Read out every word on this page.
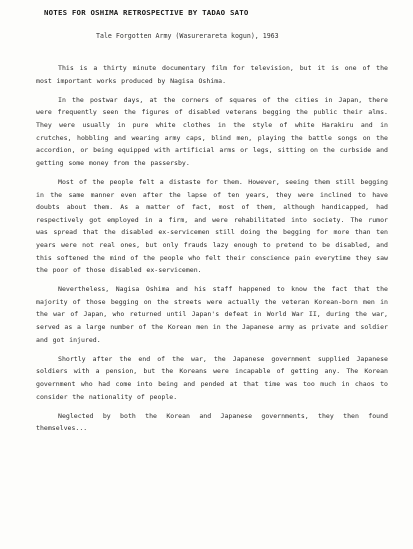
NOTES FOR OSHIMA RETROSPECTIVE BY TADAO SATO
Tale Forgotten Army (Wasurerareta kogun), 1963

This is a thirty minute documentary film for television, but it is one of the most important works produced by Nagisa Oshima.

In the postwar days, at the corners of squares of the cities in Japan, there were frequently seen the figures of disabled veterans begging the public their alms. They were usually in pure white clothes in the style of white Harakiru and in crutches, hobbling and wearing army caps, blind men, playing the battle songs on the accordion, or being equipped with artificial arms or legs, sitting on the curbside and getting some money from the passersby.

Most of the people felt a distaste for them. However, seeing them still begging in the same manner even after the lapse of ten years, they were inclined to have doubts about them. As a matter of fact, most of them, although handicapped, had respectively got employed in a firm, and were rehabilitated into society. The rumor was spread that the disabled ex-servicemen still doing the begging for more than ten years were not real ones, but only frauds lazy enough to pretend to be disabled, and this softened the mind of the people who felt their conscience pain everytime they saw the poor of those disabled ex-servicemen.

Nevertheless, Nagisa Oshima and his staff happened to know the fact that the majority of those begging on the streets were actually the veteran Korean-born men in the war of Japan, who returned until Japan's defeat in World War II, during the war, served as a large number of the Korean men in the Japanese army as private and soldier and got injured.

Shortly after the end of the war, the Japanese government supplied Japanese soldiers with a pension, but the Koreans were incapable of getting any. The Korean government who had come into being and pended at that time was too much in chaos to consider the nationality of people.

Neglected by both the Korean and Japanese governments, they then found themselves...
